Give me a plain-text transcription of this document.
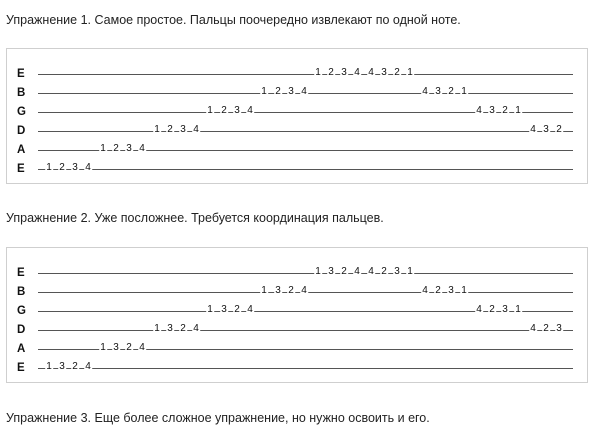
Упражнение 1. Самое простое. Пальцы поочередно извлекают по одной ноте.
E	1 2 3 4 4 3 2 1
B	1 2 3 4	4 3 2 1
G	1 2 3 4	4 3 2 1
D	1 2 3 4	4 3 2
A	1 2 3 4
E 1 2 3 4
Упражнение 2. Уже посложнее. Требуется координация пальцев.
E	1 3 2 4 4 2 3 1
B	1 3 2 4	4 2 3 1
G	1 3 2 4	4 2 3 1
D	1 3 2 4	4 2 3
A	1 3 2 4
E 1 3 2 4
Упражнение 3. Еще более сложное упражнение, но нужно освоить и его.
